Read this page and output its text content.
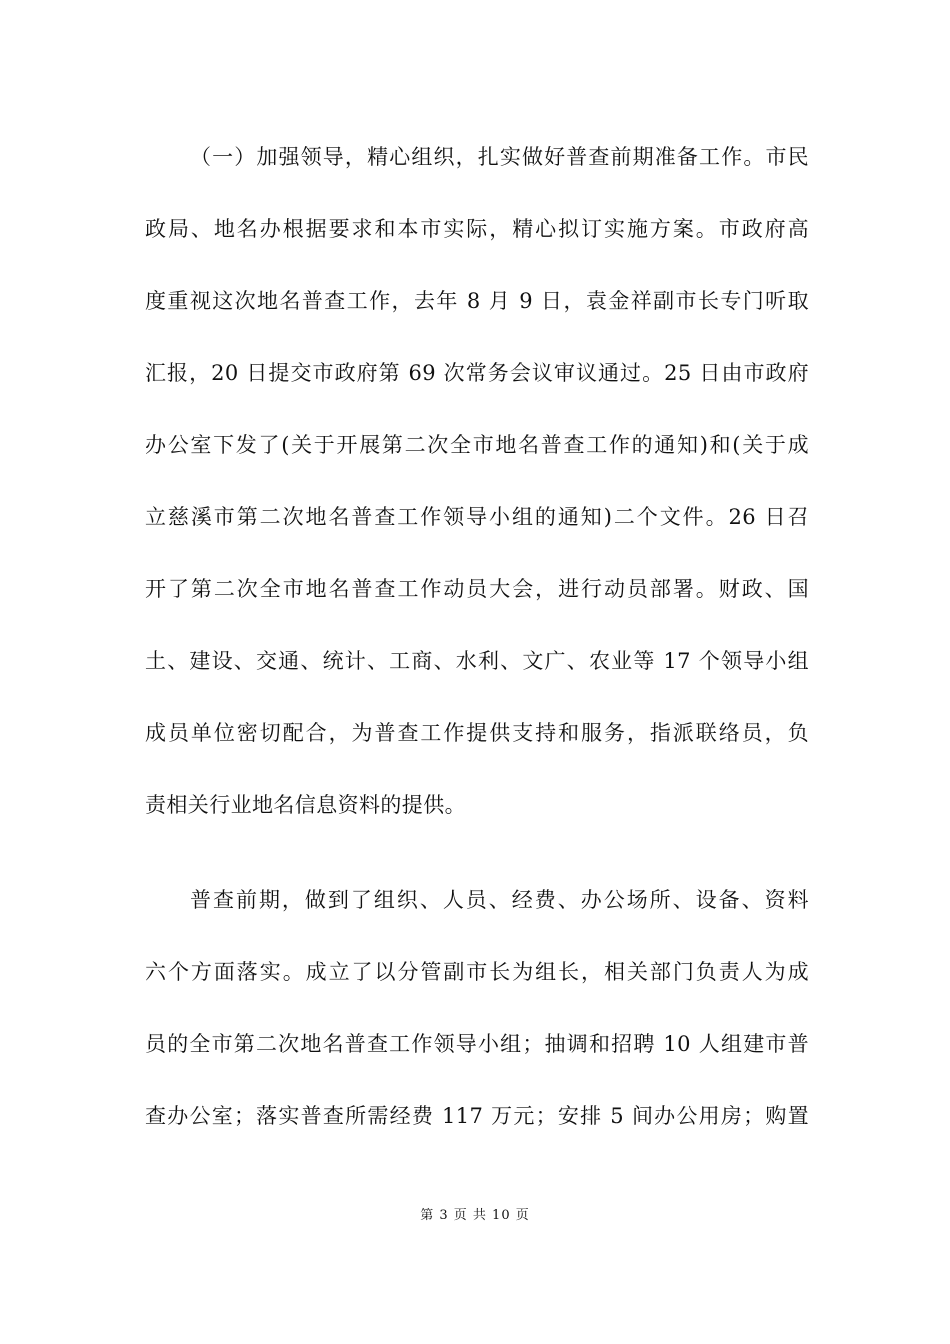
（一）加强领导，精心组织，扎实做好普查前期准备工作。市民
政局、地名办根据要求和本市实际，精心拟订实施方案。市政府高
度重视这次地名普查工作，去年 8 月 9 日，袁金祥副市长专门听取
汇报，20 日提交市政府第 69 次常务会议审议通过。25 日由市政府
办公室下发了(关于开展第二次全市地名普查工作的通知)和(关于成
立慈溪市第二次地名普查工作领导小组的通知)二个文件。26 日召
开了第二次全市地名普查工作动员大会，进行动员部署。财政、国
土、建设、交通、统计、工商、水利、文广、农业等 17 个领导小组
成员单位密切配合，为普查工作提供支持和服务，指派联络员，负
责相关行业地名信息资料的提供。
普查前期，做到了组织、人员、经费、办公场所、设备、资料
六个方面落实。成立了以分管副市长为组长，相关部门负责人为成
员的全市第二次地名普查工作领导小组；抽调和招聘 10 人组建市普
查办公室；落实普查所需经费 117 万元；安排 5 间办公用房；购置
第 3 页 共 10 页
